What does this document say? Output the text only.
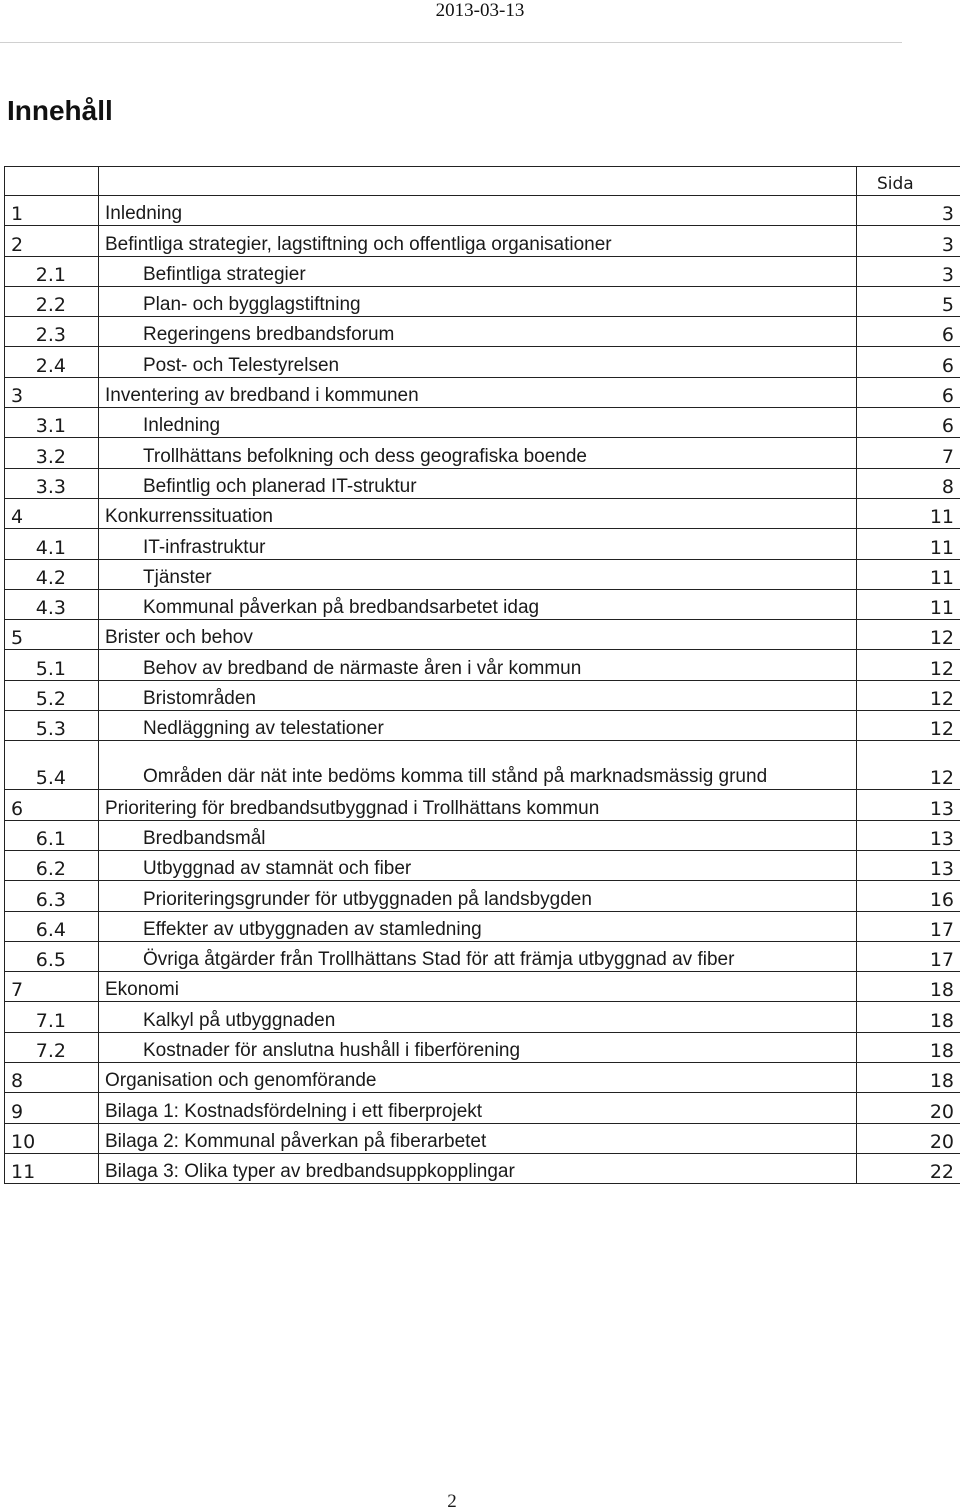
2013-03-13
Innehåll
		Sida
1	Inledning	3
2	Befintliga strategier, lagstiftning och offentliga organisationer	3
2.1	Befintliga strategier	3
2.2	Plan- och bygglagstiftning	5
2.3	Regeringens bredbandsforum	6
2.4	Post- och Telestyrelsen	6
3	Inventering av bredband i kommunen	6
3.1	Inledning	6
3.2	Trollhättans befolkning och dess geografiska boende	7
3.3	Befintlig och planerad IT-struktur	8
4	Konkurrenssituation	11
4.1	IT-infrastruktur	11
4.2	Tjänster	11
4.3	Kommunal påverkan på bredbandsarbetet idag	11
5	Brister och behov	12
5.1	Behov av bredband de närmaste åren i vår kommun	12
5.2	Bristområden	12
5.3	Nedläggning av telestationer	12
5.4	Områden där nät inte bedöms komma till stånd på marknadsmässig grund	12
6	Prioritering för bredbandsutbyggnad i Trollhättans kommun	13
6.1	Bredbandsmål	13
6.2	Utbyggnad av stamnät och fiber	13
6.3	Prioriteringsgrunder för utbyggnaden på landsbygden	16
6.4	Effekter av utbyggnaden av stamledning	17
6.5	Övriga åtgärder från Trollhättans Stad för att främja utbyggnad av fiber	17
7	Ekonomi	18
7.1	Kalkyl på utbyggnaden	18
7.2	Kostnader för anslutna hushåll i fiberförening	18
8	Organisation och genomförande	18
9	Bilaga 1: Kostnadsfördelning i ett fiberprojekt	20
10	Bilaga 2: Kommunal påverkan på fiberarbetet	20
11	Bilaga 3: Olika typer av bredbandsuppkopplingar	22
2
